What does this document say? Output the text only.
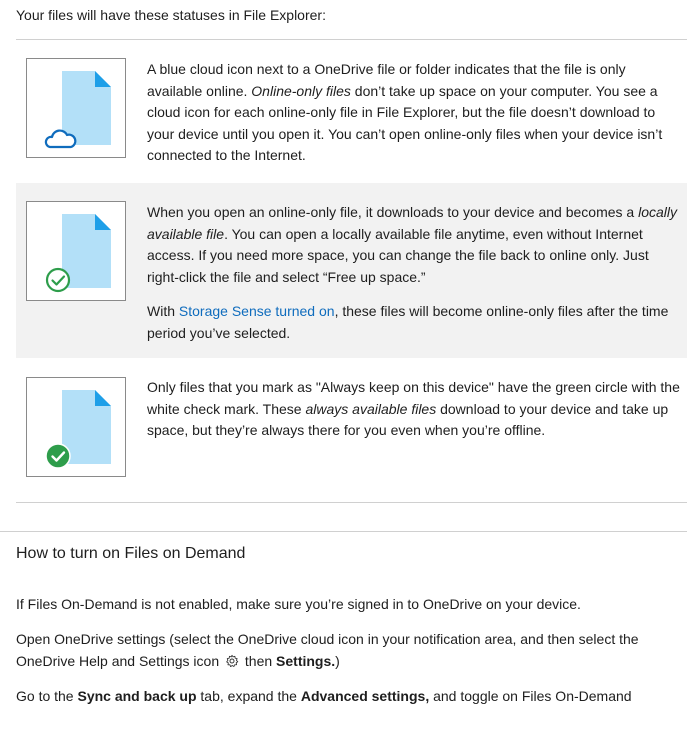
Your files will have these statuses in File Explorer:

A blue cloud icon next to a OneDrive file or folder indicates that the file is only available online. Online-only files don’t take up space on your computer. You see a cloud icon for each online-only file in File Explorer, but the file doesn’t download to your device until you open it. You can’t open online-only files when your device isn’t connected to the Internet.

When you open an online-only file, it downloads to your device and becomes a locally available file. You can open a locally available file anytime, even without Internet access. If you need more space, you can change the file back to online only. Just right-click the file and select “Free up space.”

With Storage Sense turned on, these files will become online-only files after the time period you’ve selected.

Only files that you mark as "Always keep on this device" have the green circle with the white check mark. These always available files download to your device and take up space, but they’re always there for you even when you’re offline.

How to turn on Files on Demand
If Files On-Demand is not enabled, make sure you’re signed in to OneDrive on your device.
Open OneDrive settings (select the OneDrive cloud icon in your notification area, and then select the OneDrive Help and Settings icon  then Settings.)
Go to the Sync and back up tab, expand the Advanced settings, and toggle on Files On-Demand
